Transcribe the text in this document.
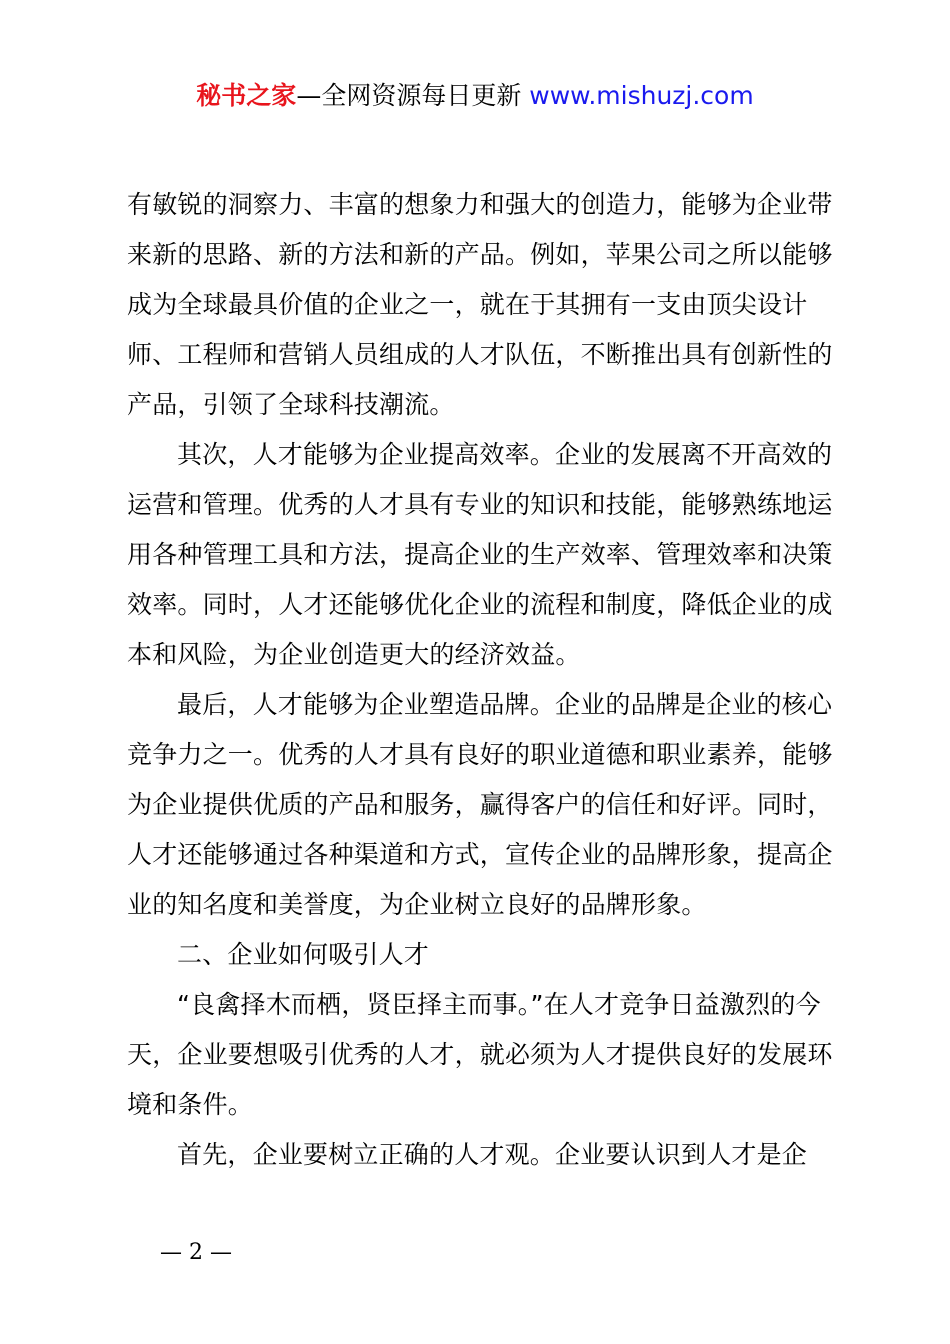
秘书之家—全网资源每日更新 www.mishuzj.com

有敏锐的洞察力、丰富的想象力和强大的创造力，能够为企业带来新的思路、新的方法和新的产品。例如，苹果公司之所以能够成为全球最具价值的企业之一，就在于其拥有一支由顶尖设计师、工程师和营销人员组成的人才队伍，不断推出具有创新性的产品，引领了全球科技潮流。

其次，人才能够为企业提高效率。企业的发展离不开高效的运营和管理。优秀的人才具有专业的知识和技能，能够熟练地运用各种管理工具和方法，提高企业的生产效率、管理效率和决策效率。同时，人才还能够优化企业的流程和制度，降低企业的成本和风险，为企业创造更大的经济效益。

最后，人才能够为企业塑造品牌。企业的品牌是企业的核心竞争力之一。优秀的人才具有良好的职业道德和职业素养，能够为企业提供优质的产品和服务，赢得客户的信任和好评。同时，人才还能够通过各种渠道和方式，宣传企业的品牌形象，提高企业的知名度和美誉度，为企业树立良好的品牌形象。

二、企业如何吸引人才

“良禽择木而栖，贤臣择主而事。”在人才竞争日益激烈的今天，企业要想吸引优秀的人才，就必须为人才提供良好的发展环境和条件。

首先，企业要树立正确的人才观。企业要认识到人才是企

— 2 —
